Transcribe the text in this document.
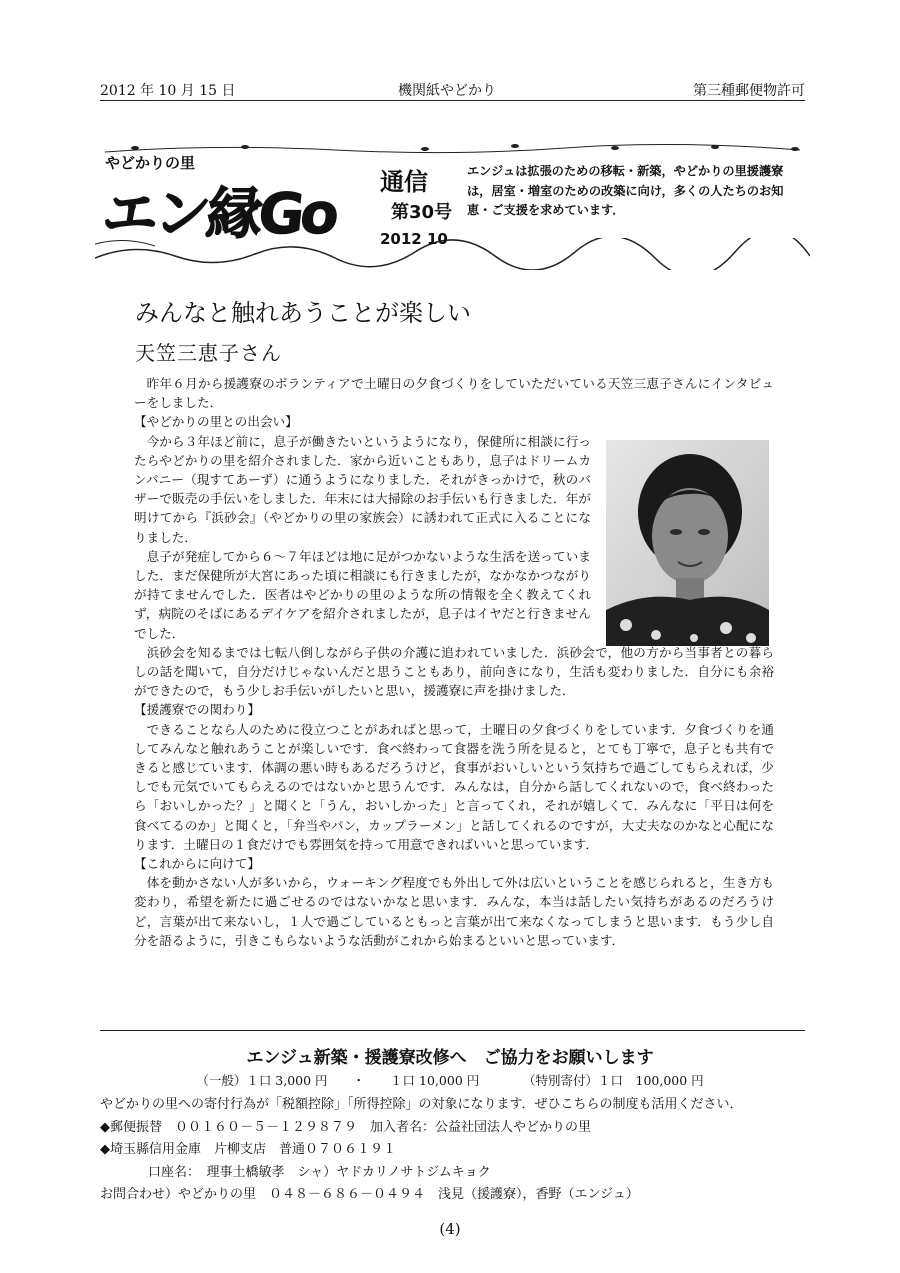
2012 年 10 月 15 日	機関紙やどかり	第三種郵便物許可
やどかりの里
エン縁Go 通信
第30号
2012 10
エンジュは拡張のための移転・新築，やどかりの里援護寮は，居室・増室のための改築に向け，多くの人たちのお知恵・ご支援を求めています．
みんなと触れあうことが楽しい
天笠三恵子さん

昨年６月から援護寮のボランティアで土曜日の夕食づくりをしていただいている天笠三恵子さんにインタビューをしました．

【やどかりの里との出会い】

今から３年ほど前に，息子が働きたいというようになり，保健所に相談に行ったらやどかりの里を紹介されました．家から近いこともあり，息子はドリームカンパニー（現すてあーず）に通うようになりました．それがきっかけで，秋のバザーで販売の手伝いをしました．年末には大掃除のお手伝いも行きました．年が明けてから『浜砂会』（やどかりの里の家族会）に誘われて正式に入ることになりました．

息子が発症してから６～７年ほどは地に足がつかないような生活を送っていました．まだ保健所が大宮にあった頃に相談にも行きましたが，なかなかつながりが持てませんでした．医者はやどかりの里のような所の情報を全く教えてくれず，病院のそばにあるデイケアを紹介されましたが，息子はイヤだと行きませんでした．

浜砂会を知るまでは七転八倒しながら子供の介護に追われていました．浜砂会で，他の方から当事者との暮らしの話を聞いて，自分だけじゃないんだと思うこともあり，前向きになり，生活も変わりました．自分にも余裕ができたので，もう少しお手伝いがしたいと思い，援護寮に声を掛けました．

【援護寮での関わり】

できることなら人のために役立つことがあればと思って，土曜日の夕食づくりをしています．夕食づくりを通してみんなと触れあうことが楽しいです．食べ終わって食器を洗う所を見ると，とても丁寧で，息子とも共有できると感じています．体調の悪い時もあるだろうけど，食事がおいしいという気持ちで過ごしてもらえれば，少しでも元気でいてもらえるのではないかと思うんです．みんなは，自分から話してくれないので，食べ終わったら「おいしかった？」と聞くと「うん，おいしかった」と言ってくれ，それが嬉しくて．みんなに「平日は何を食べてるのか」と聞くと，「弁当やパン，カップラーメン」と話してくれるのですが，大丈夫なのかなと心配になります．土曜日の１食だけでも雰囲気を持って用意できればいいと思っています．

【これからに向けて】

体を動かさない人が多いから，ウォーキング程度でも外出して外は広いということを感じられると，生き方も変わり，希望を新たに過ごせるのではないかなと思います．みんな，本当は話したい気持ちがあるのだろうけど，言葉が出て来ないし，１人で過ごしているともっと言葉が出て来なくなってしまうと思います．もう少し自分を語るように，引きこもらないような活動がこれから始まるといいと思っています．

エンジュ新築・援護寮改修へ　ご協力をお願いします
（一般）１口 3,000 円　　・　　１口 10,000 円　　　　（特別寄付）１口　100,000 円
やどかりの里への寄付行為が「税額控除」「所得控除」の対象になります．ぜひこちらの制度も活用ください．
◆郵便振替　００１６０－５－１２９８７９　加入者名：公益社団法人やどかりの里
◆埼玉縣信用金庫　片柳支店　普通０７０６１９１
口座名：　理事土橋敏孝　シャ）ヤドカリノサトジムキョク
お問合わせ）やどかりの里　０４８－６８６－０４９４　浅見（援護寮），香野（エンジュ）
(4)
